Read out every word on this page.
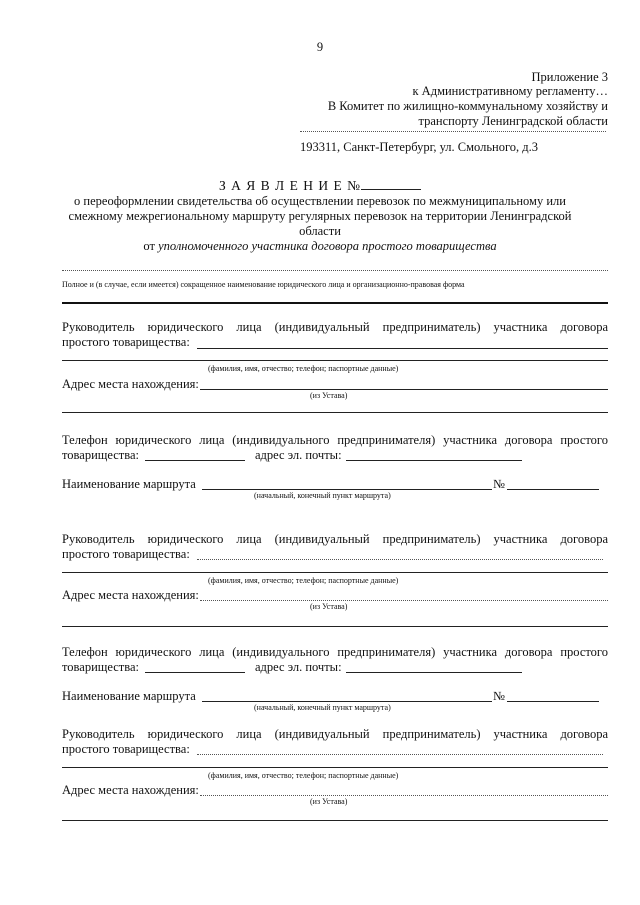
9
Приложение 3
к Административному регламенту…
В Комитет по жилищно-коммунальному хозяйству и
транспорту Ленинградской области
193311, Санкт-Петербург, ул. Смольного, д.3
З А Я В Л Е Н И Е №
о переоформлении свидетельства об осуществлении перевозок по межмуниципальному или
смежному межрегиональному маршруту регулярных перевозок на территории Ленинградской
области
от уполномоченного участника договора простого товарищества
Полное и (в случае, если имеется) сокращенное наименование юридического лица и организационно-правовая форма
Руководитель юридического лица (индивидуальный предприниматель) участника договора
простого товарищества:
(фамилия, имя, отчество; телефон; паспортные данные)
Адрес места нахождения:
(из Устава)
Телефон юридического лица (индивидуального предпринимателя) участника договора простого
товарищества:	адрес эл. почты:
Наименование маршрута	№
(начальный, конечный пункт маршрута)
Руководитель юридического лица (индивидуальный предприниматель) участника договора
простого товарищества:
(фамилия, имя, отчество; телефон; паспортные данные)
Адрес места нахождения:
(из Устава)
Телефон юридического лица (индивидуального предпринимателя) участника договора простого
товарищества:	адрес эл. почты:
Наименование маршрута	№
(начальный, конечный пункт маршрута)
Руководитель юридического лица (индивидуальный предприниматель) участника договора
простого товарищества:
(фамилия, имя, отчество; телефон; паспортные данные)
Адрес места нахождения:
(из Устава)
